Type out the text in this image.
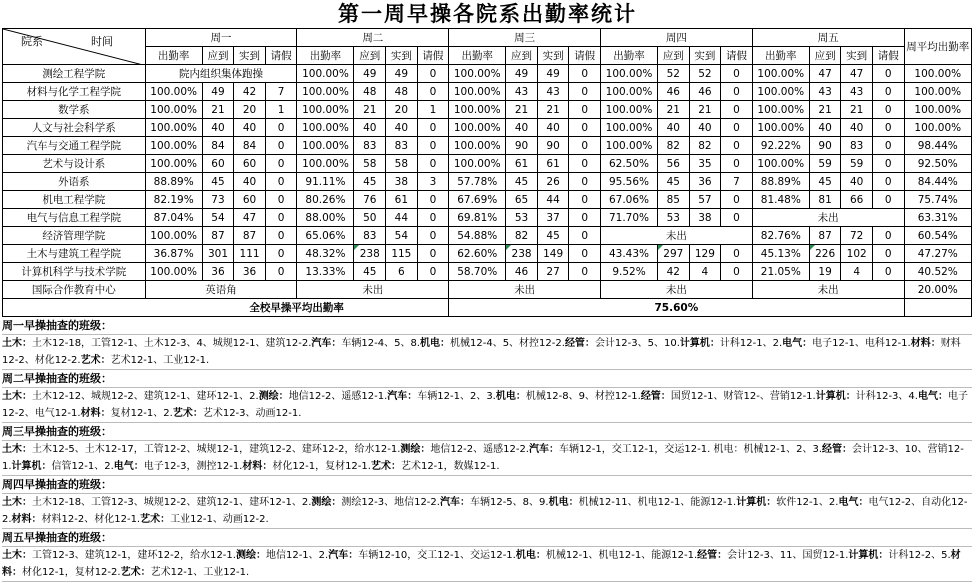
第一周早操各院系出勤率统计
院系 时间	周一				周二				周三				周四				周五				周平均出勤率
	出勤率	应到	实到	请假	出勤率	应到	实到	请假	出勤率	应到	实到	请假	出勤率	应到	实到	请假	出勤率	应到	实到	请假	
测绘工程学院	院内组织集体跑操				100.00%	49	49	0	100.00%	49	49	0	100.00%	52	52	0	100.00%	47	47	0	100.00%
材料与化学工程学院	100.00%	49	42	7	100.00%	48	48	0	100.00%	43	43	0	100.00%	46	46	0	100.00%	43	43	0	100.00%
数学系	100.00%	21	20	1	100.00%	21	20	1	100.00%	21	21	0	100.00%	21	21	0	100.00%	21	21	0	100.00%
人文与社会科学系	100.00%	40	40	0	100.00%	40	40	0	100.00%	40	40	0	100.00%	40	40	0	100.00%	40	40	0	100.00%
汽车与交通工程学院	100.00%	84	84	0	100.00%	83	83	0	100.00%	90	90	0	100.00%	82	82	0	92.22%	90	83	0	98.44%
艺术与设计系	100.00%	60	60	0	100.00%	58	58	0	100.00%	61	61	0	62.50%	56	35	0	100.00%	59	59	0	92.50%
外语系	88.89%	45	40	0	91.11%	45	38	3	57.78%	45	26	0	95.56%	45	36	7	88.89%	45	40	0	84.44%
机电工程学院	82.19%	73	60	0	80.26%	76	61	0	67.69%	65	44	0	67.06%	85	57	0	81.48%	81	66	0	75.74%
电气与信息工程学院	87.04%	54	47	0	88.00%	50	44	0	69.81%	53	37	0	71.70%	53	38	0	未出				63.31%
经济管理学院	100.00%	87	87	0	65.06%	83	54	0	54.88%	82	45	0	未出				82.76%	87	72	0	60.54%
土木与建筑工程学院	36.87%	301	111	0	48.32%	238	115	0	62.60%	238	149	0	43.43%	297	129	0	45.13%	226	102	0	47.27%
计算机科学与技术学院	100.00%	36	36	0	13.33%	45	6	0	58.70%	46	27	0	9.52%	42	4	0	21.05%	19	4	0	40.52%
国际合作教育中心	英语角				未出				未出				未出				未出				20.00%
	全校早操平均出勤率								75.60%												
周一早操抽查的班级：
土木：土木12-18，工管12-1、土木12-3、4、城规12-1、建筑12-2.汽车：车辆12-4、5、8.机电：机械12-4、5、材控12-2.经管：会计12-3、5、10.计算机：计科12-1、2.电气：电子12-1、电科12-1.材料：财料12-2、材化12-2.艺术：艺术12-1、工业12-1.
周二早操抽查的班级：
土木：土木12-12、城规12-2、建筑12-1、建环12-1、2.测绘：地信12-2、遥感12-1.汽车：车辆12-1、2、3.机电：机械12-8、9、材控12-1.经管：国贸12-1、财管12-、营销12-1.计算机：计科12-3、4.电气：电子12-2、电气12-1.材料：复材12-1、2.艺术：艺术12-3、动画12-1.
周三早操抽查的班级：
土木：土木12-5、土木12-17，工管12-2、城规12-1，建筑12-2、建环12-2，给水12-1.测绘：地信12-2、遥感12-2.汽车：车辆12-1，交工12-1，交运12-1. 机电：机械12-1、2、3.经管：会计12-3、10、营销12-1.计算机：信管12-1、2.电气：电子12-3，测控12-1.材料：材化12-1，复材12-1.艺术：艺术12-1，数媒12-1.
周四早操抽查的班级：
土木：土木12-18、工管12-3、城规12-2、建筑12-1、建环12-1、2.测绘：测绘12-3、地信12-2.汽车：车辆12-5、8、9.机电：机械12-11、机电12-1、能源12-1.计算机：软件12-1、2.电气：电气12-2、自动化12-2.材料：材料12-2、材化12-1.艺术：工业12-1、动画12-2.
周五早操抽查的班级：
土木：工管12-3、建筑12-1，建环12-2，给水12-1.测绘：地信12-1、2.汽车：车辆12-10，交工12-1、交运12-1.机电：机械12-1、机电12-1、能源12-1.经管：会计12-3、11、国贸12-1.计算机：计科12-2、5.材料：材化12-1，复材12-2.艺术：艺术12-1、工业12-1.
